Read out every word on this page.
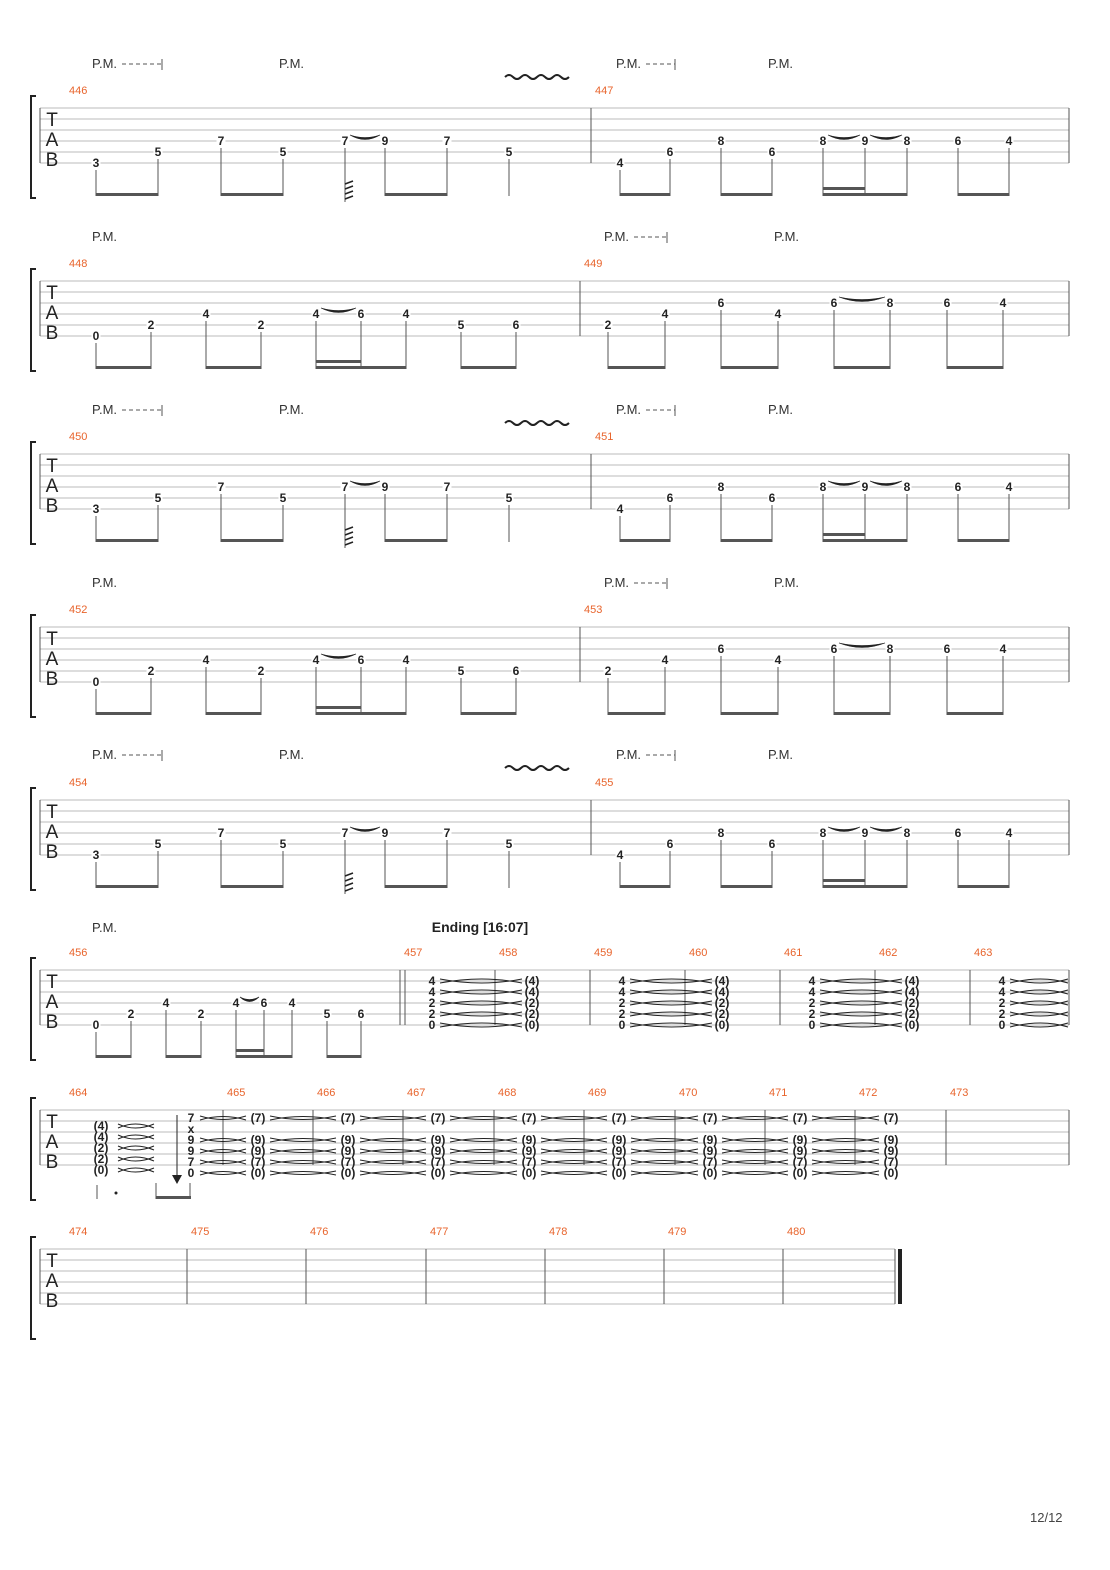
T
A
B
446	447
P.M.	P.M.	P.M.	P.M.
3
5
7
5
7	9	7
5
4
6
8
6
8	9	8	6	4
T
A
B
448	449
P.M.	P.M.	P.M.
0
2
4
2
4	6	4
5	6	2
4
6
4
6	8	6	4
T
A
B
450	451
P.M.	P.M.	P.M.	P.M.
3
5
7
5
7	9	7
5
4
6
8
6
8	9	8	6	4
T
A
B
452	453
P.M.	P.M.	P.M.
0
2
4
2
4	6	4
5	6	2
4
6
4
6	8	6	4
T
A
B
454	455
P.M.	P.M.	P.M.	P.M.
3
5
7
5
7	9	7
5
4
6
8
6
8	9	8	6	4
T
A
B
456	457	458	459	460	461	462	463
P.M.	Ending [16:07]
0
2
4
2
4 6 4
5 6
4
4
2
2
0
(4)
(4)
(2)
(2)
(0)
4
4
2
2
0
(4)
(4)
(2)
(2)
(0)
4
4
2
2
0
(4)
(4)
(2)
(2)
(0)
4
4
2
2
0
T
A
B
464	465	466	467	468	469	470	471	472	473
(4)
(4)
(2)
(2)
(0)
7
x
9
9
7
0
(7)
(9)
(9)
(7)
(0)
(7)
(9)
(9)
(7)
(0)
(7)
(9)
(9)
(7)
(0)
(7)
(9)
(9)
(7)
(0)
(7)
(9)
(9)
(7)
(0)
(7)
(9)
(9)
(7)
(0)
(7)
(9)
(9)
(7)
(0)
(7)
(9)
(9)
(7)
(0)
T
A
B
474	475	476	477	478	479	480
12/12
